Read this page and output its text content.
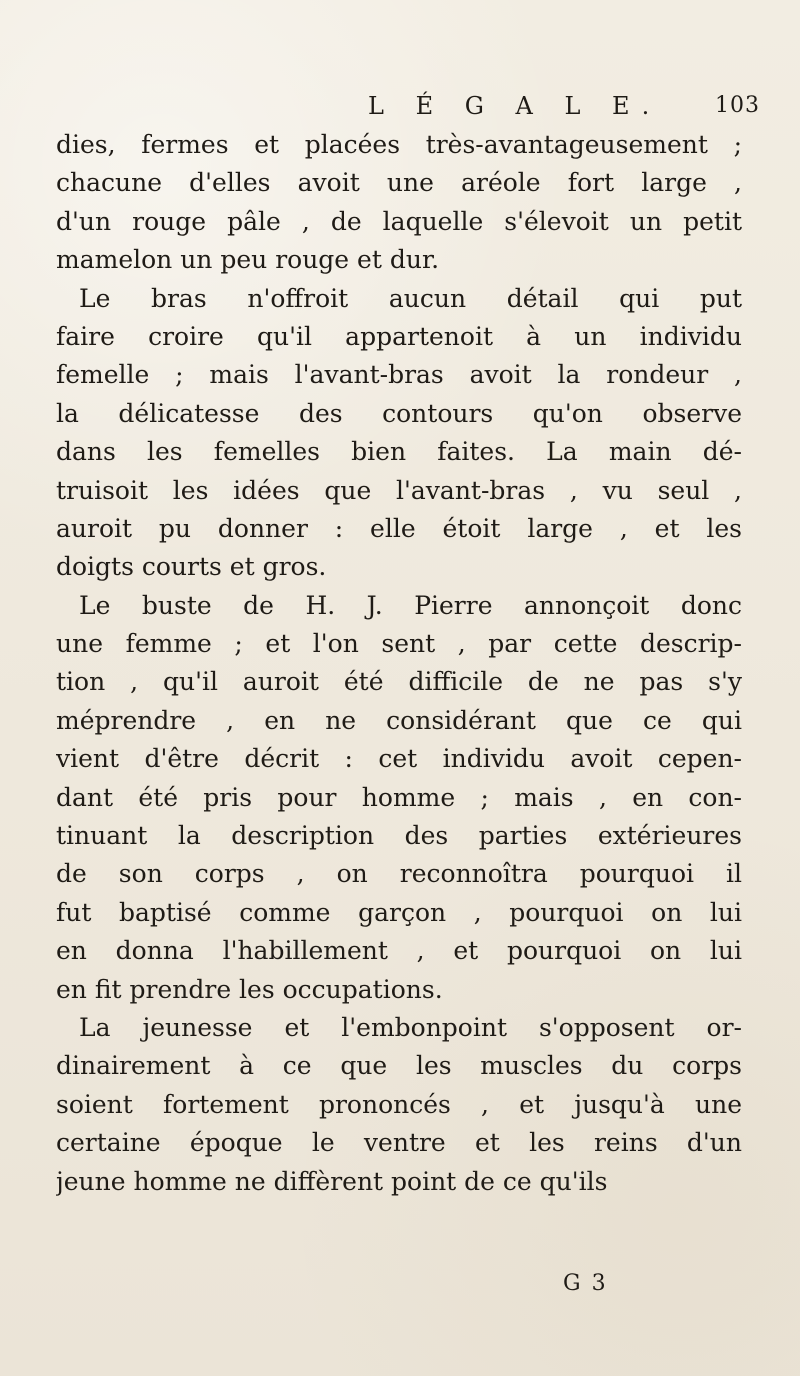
L É G A L E. 103
dies, fermes et placées très-avantageusement ;
chacune d'elles avoit une aréole fort large ,
d'un rouge pâle , de laquelle s'élevoit un petit
mamelon un peu rouge et dur.
Le bras n'offroit aucun détail qui put
faire croire qu'il appartenoit à un individu
femelle ; mais l'avant-bras avoit la rondeur ,
la délicatesse des contours qu'on observe
dans les femelles bien faites. La main dé-
truisoit les idées que l'avant-bras , vu seul ,
auroit pu donner : elle étoit large , et les
doigts courts et gros.
Le buste de H. J. Pierre annonçoit donc
une femme ; et l'on sent , par cette descrip-
tion , qu'il auroit été difficile de ne pas s'y
méprendre , en ne considérant que ce qui
vient d'être décrit : cet individu avoit cepen-
dant été pris pour homme ; mais , en con-
tinuant la description des parties extérieures
de son corps , on reconnoîtra pourquoi il
fut baptisé comme garçon , pourquoi on lui
en donna l'habillement , et pourquoi on lui
en fit prendre les occupations.
La jeunesse et l'embonpoint s'opposent or-
dinairement à ce que les muscles du corps
soient fortement prononcés , et jusqu'à une
certaine époque le ventre et les reins d'un
jeune homme ne diffèrent point de ce qu'ils
G 3
